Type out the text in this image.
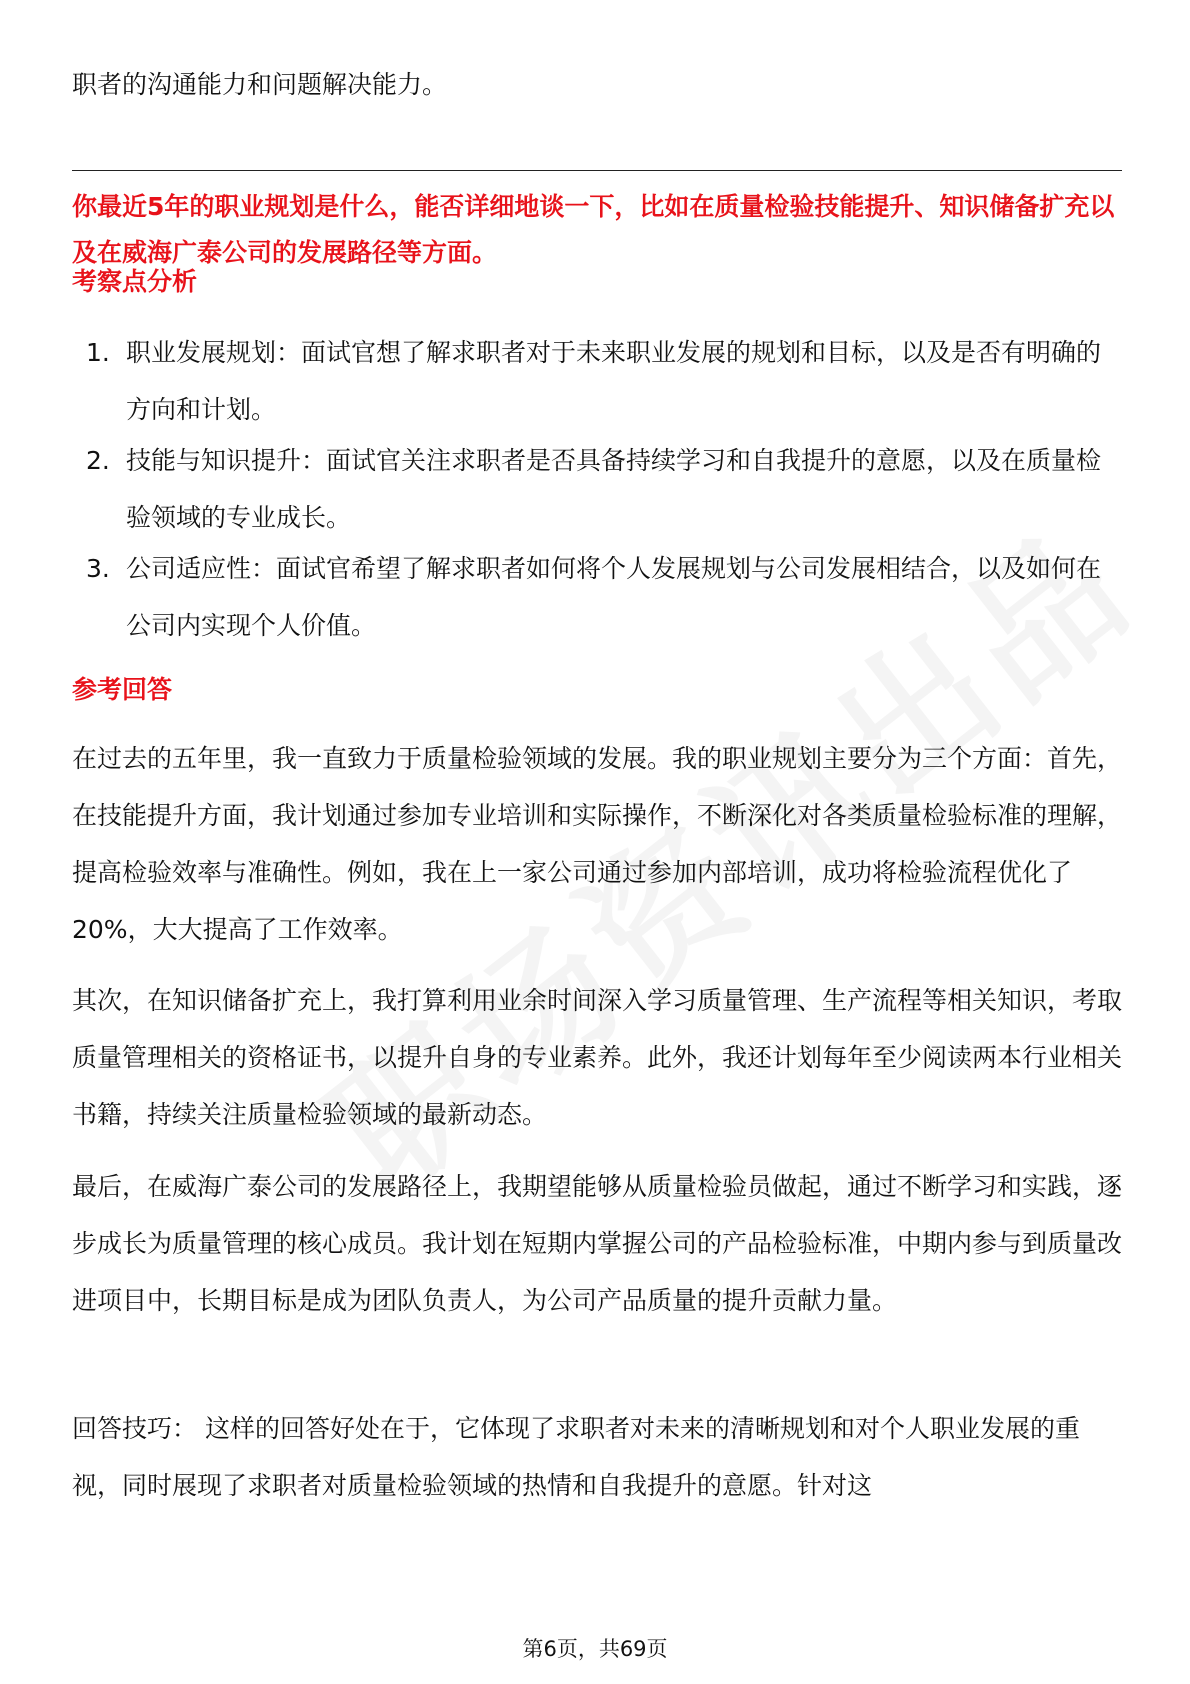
职者的沟通能力和问题解决能力。

你最近5年的职业规划是什么，能否详细地谈一下，比如在质量检验技能提升、知识储备扩充以及在威海广泰公司的发展路径等方面。

考察点分析

1. 职业发展规划：面试官想了解求职者对于未来职业发展的规划和目标，以及是否有明确的方向和计划。
2. 技能与知识提升：面试官关注求职者是否具备持续学习和自我提升的意愿，以及在质量检验领域的专业成长。
3. 公司适应性：面试官希望了解求职者如何将个人发展规划与公司发展相结合，以及如何在公司内实现个人价值。

参考回答

在过去的五年里，我一直致力于质量检验领域的发展。我的职业规划主要分为三个方面：首先，在技能提升方面，我计划通过参加专业培训和实际操作，不断深化对各类质量检验标准的理解，提高检验效率与准确性。例如，我在上一家公司通过参加内部培训，成功将检验流程优化了20%，大大提高了工作效率。

其次，在知识储备扩充上，我打算利用业余时间深入学习质量管理、生产流程等相关知识，考取质量管理相关的资格证书，以提升自身的专业素养。此外，我还计划每年至少阅读两本行业相关书籍，持续关注质量检验领域的最新动态。

最后，在威海广泰公司的发展路径上，我期望能够从质量检验员做起，通过不断学习和实践，逐步成长为质量管理的核心成员。我计划在短期内掌握公司的产品检验标准，中期内参与到质量改进项目中，长期目标是成为团队负责人，为公司产品质量的提升贡献力量。

回答技巧： 这样的回答好处在于，它体现了求职者对未来的清晰规划和对个人职业发展的重视，同时展现了求职者对质量检验领域的热情和自我提升的意愿。针对这

第6页，共69页
